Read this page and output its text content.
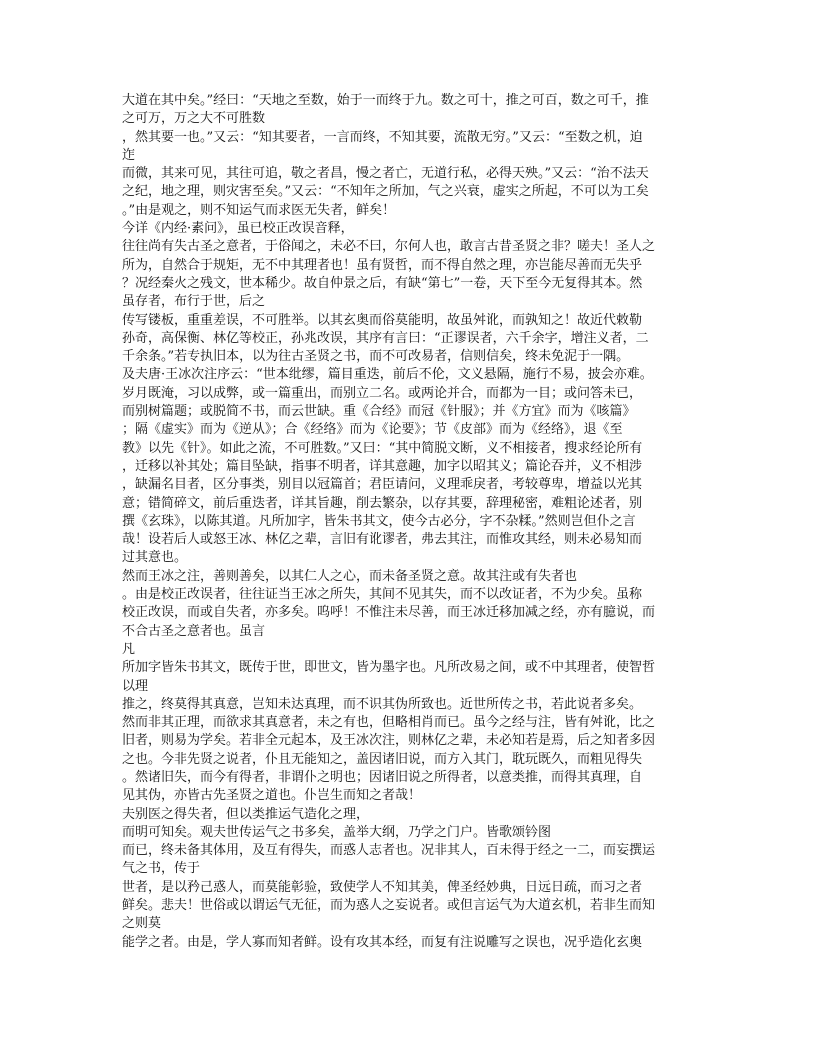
大道在其中矣。”经曰：“天地之至数，始于一而终于九。数之可十，推之可百，数之可千，推
之可万，万之大不可胜数
，然其要一也。”又云：“知其要者，一言而终，不知其要，流散无穷。”又云：“至数之机，迫
迮
而微，其来可见，其往可追，敬之者昌，慢之者亡，无道行私，必得天殃。”又云：“治不法天
之纪，地之理，则灾害至矣。”又云：“不知年之所加，气之兴衰，虚实之所起，不可以为工矣
。”由是观之，则不知运气而求医无失者，鲜矣！
今详《内经·素问》，虽已校正改误音释，
往往尚有失古圣之意者，于俗闻之，未必不曰，尔何人也，敢言古昔圣贤之非？嗟夫！圣人之
所为，自然合于规矩，无不中其理者也！虽有贤哲，而不得自然之理，亦岂能尽善而无失乎
？况经秦火之残文，世本稀少。故自仲景之后，有缺“第七”一卷，天下至今无复得其本。然
虽存者，布行于世，后之
传写镂板，重重差误，不可胜举。以其玄奥而俗莫能明，故虽舛讹，而孰知之！故近代敕勒
孙奇，高保衡、林亿等校正，孙兆改误，其序有言曰：“正谬误者，六千余字，增注义者，二
千余条。”若专执旧本，以为往古圣贤之书，而不可改易者，信则信矣，终未免泥于一隅。
及夫唐·王冰次注序云：“世本纰缪，篇目重迭，前后不伦，文义悬隔，施行不易，披会亦难。
岁月既淹，习以成弊，或一篇重出，而别立二名。或两论并合，而都为一目；或问答未已，
而别树篇题；或脱简不书，而云世缺。重《合经》而冠《针服》；并《方宜》而为《咳篇》
；隔《虚实》而为《逆从》；合《经络》而为《论要》；节《皮部》而为《经络》，退《至
教》以先《针》。如此之流，不可胜数。”又曰：“其中简脱文断，义不相接者，搜求经论所有
，迁移以补其处；篇目坠缺，指事不明者，详其意趣，加字以昭其义；篇论吞并，义不相涉
，缺漏名目者，区分事类，别目以冠篇首；君臣请问，义理乖戾者，考较尊卑，增益以光其
意；错简碎文，前后重迭者，详其旨趣，削去繁杂，以存其要，辞理秘密，难粗论述者，别
撰《玄珠》，以陈其道。凡所加字，皆朱书其文，使今古必分，字不杂糅。”然则岂但仆之言
哉！设若后人或怒王冰、林亿之辈，言旧有讹谬者，弗去其注，而惟攻其经，则未必易知而
过其意也。
然而王冰之注，善则善矣，以其仁人之心，而未备圣贤之意。故其注或有失者也
。由是校正改误者，往往证当王冰之所失，其间不见其失，而不以改证者，不为少矣。虽称
校正改误，而或自失者，亦多矣。呜呼！不惟注未尽善，而王冰迁移加减之经，亦有臆说，而
不合古圣之意者也。虽言
凡
所加字皆朱书其文，既传于世，即世文，皆为墨字也。凡所改易之间，或不中其理者，使智哲
以理
推之，终莫得其真意，岂知未达真理，而不识其伪所致也。近世所传之书，若此说者多矣。
然而非其正理，而欲求其真意者，未之有也，但略相肖而已。虽今之经与注，皆有舛讹，比之
旧者，则易为学矣。若非全元起本，及王冰次注，则林亿之辈，未必知若是焉，后之知者多因
之也。今非先贤之说者，仆且无能知之，盖因诸旧说，而方入其门，耽玩既久，而粗见得失
。然诸旧失，而今有得者，非谓仆之明也；因诸旧说之所得者，以意类推，而得其真理，自
见其伪，亦皆古先圣贤之道也。仆岂生而知之者哉！
夫别医之得失者，但以类推运气造化之理，
而明可知矣。观夫世传运气之书多矣，盖举大纲，乃学之门户。皆歌颂钤图
而已，终未备其体用，及互有得失，而惑人志者也。况非其人，百未得于经之一二，而妄撰运
气之书，传于
世者，是以矜己惑人，而莫能彰验，致使学人不知其美，俾圣经妙典，日远日疏，而习之者
鲜矣。悲夫！世俗或以谓运气无征，而为惑人之妄说者。或但言运气为大道玄机，若非生而知
之则莫
能学之者。由是，学人寡而知者鲜。设有攻其本经，而复有注说雕写之误也，况乎造化玄奥
